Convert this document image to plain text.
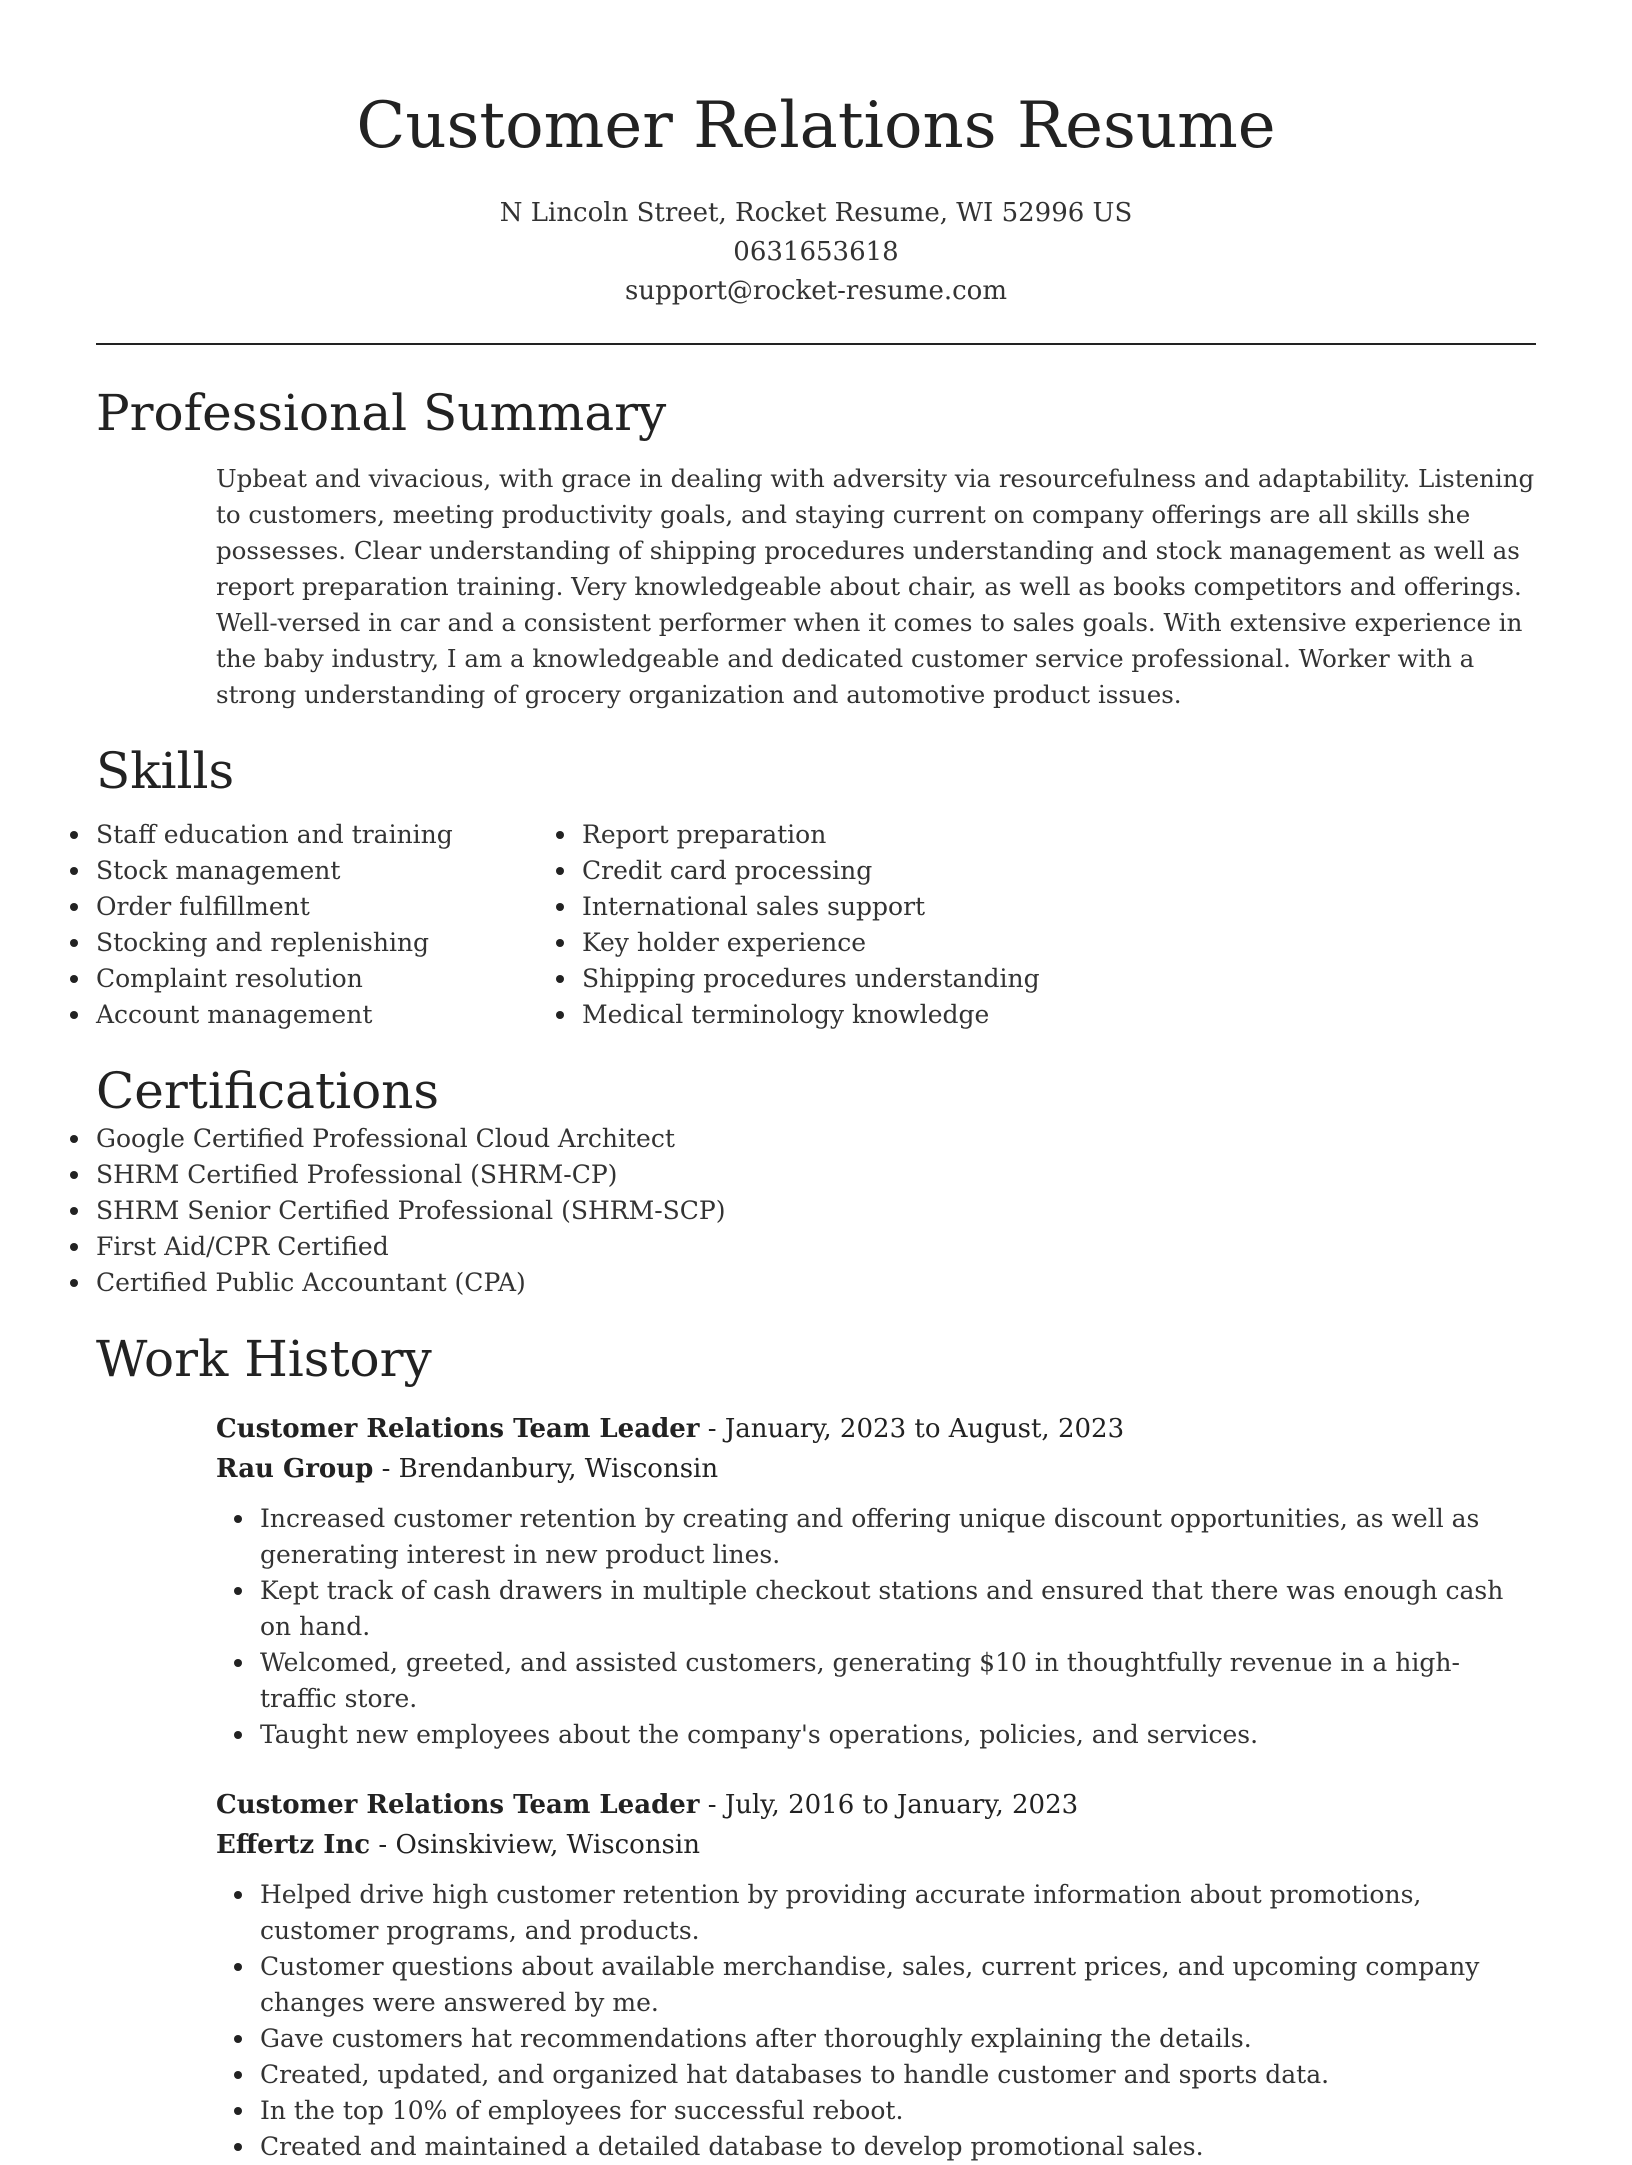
Customer Relations Resume
N Lincoln Street, Rocket Resume, WI 52996 US
0631653618
support@rocket-resume.com
Professional Summary

Upbeat and vivacious, with grace in dealing with adversity via resourcefulness and adaptability. Listening to customers, meeting productivity goals, and staying current on company offerings are all skills she possesses. Clear understanding of shipping procedures understanding and stock management as well as report preparation training. Very knowledgeable about chair, as well as books competitors and offerings. Well-versed in car and a consistent performer when it comes to sales goals. With extensive experience in the baby industry, I am a knowledgeable and dedicated customer service professional. Worker with a strong understanding of grocery organization and automotive product issues.

Skills
Staff education and training
Stock management
Order fulfillment
Stocking and replenishing
Complaint resolution
Account management
Report preparation
Credit card processing
International sales support
Key holder experience
Shipping procedures understanding
Medical terminology knowledge
Certifications
Google Certified Professional Cloud Architect
SHRM Certified Professional (SHRM-CP)
SHRM Senior Certified Professional (SHRM-SCP)
First Aid/CPR Certified
Certified Public Accountant (CPA)
Work History
Customer Relations Team Leader - January, 2023 to August, 2023
Rau Group - Brendanbury, Wisconsin
Increased customer retention by creating and offering unique discount opportunities, as well as generating interest in new product lines.
Kept track of cash drawers in multiple checkout stations and ensured that there was enough cash on hand.
Welcomed, greeted, and assisted customers, generating $10 in thoughtfully revenue in a high-traffic store.
Taught new employees about the company's operations, policies, and services.
Customer Relations Team Leader - July, 2016 to January, 2023
Effertz Inc - Osinskiview, Wisconsin
Helped drive high customer retention by providing accurate information about promotions, customer programs, and products.
Customer questions about available merchandise, sales, current prices, and upcoming company changes were answered by me.
Gave customers hat recommendations after thoroughly explaining the details.
Created, updated, and organized hat databases to handle customer and sports data.
In the top 10% of employees for successful reboot.
Created and maintained a detailed database to develop promotional sales.
